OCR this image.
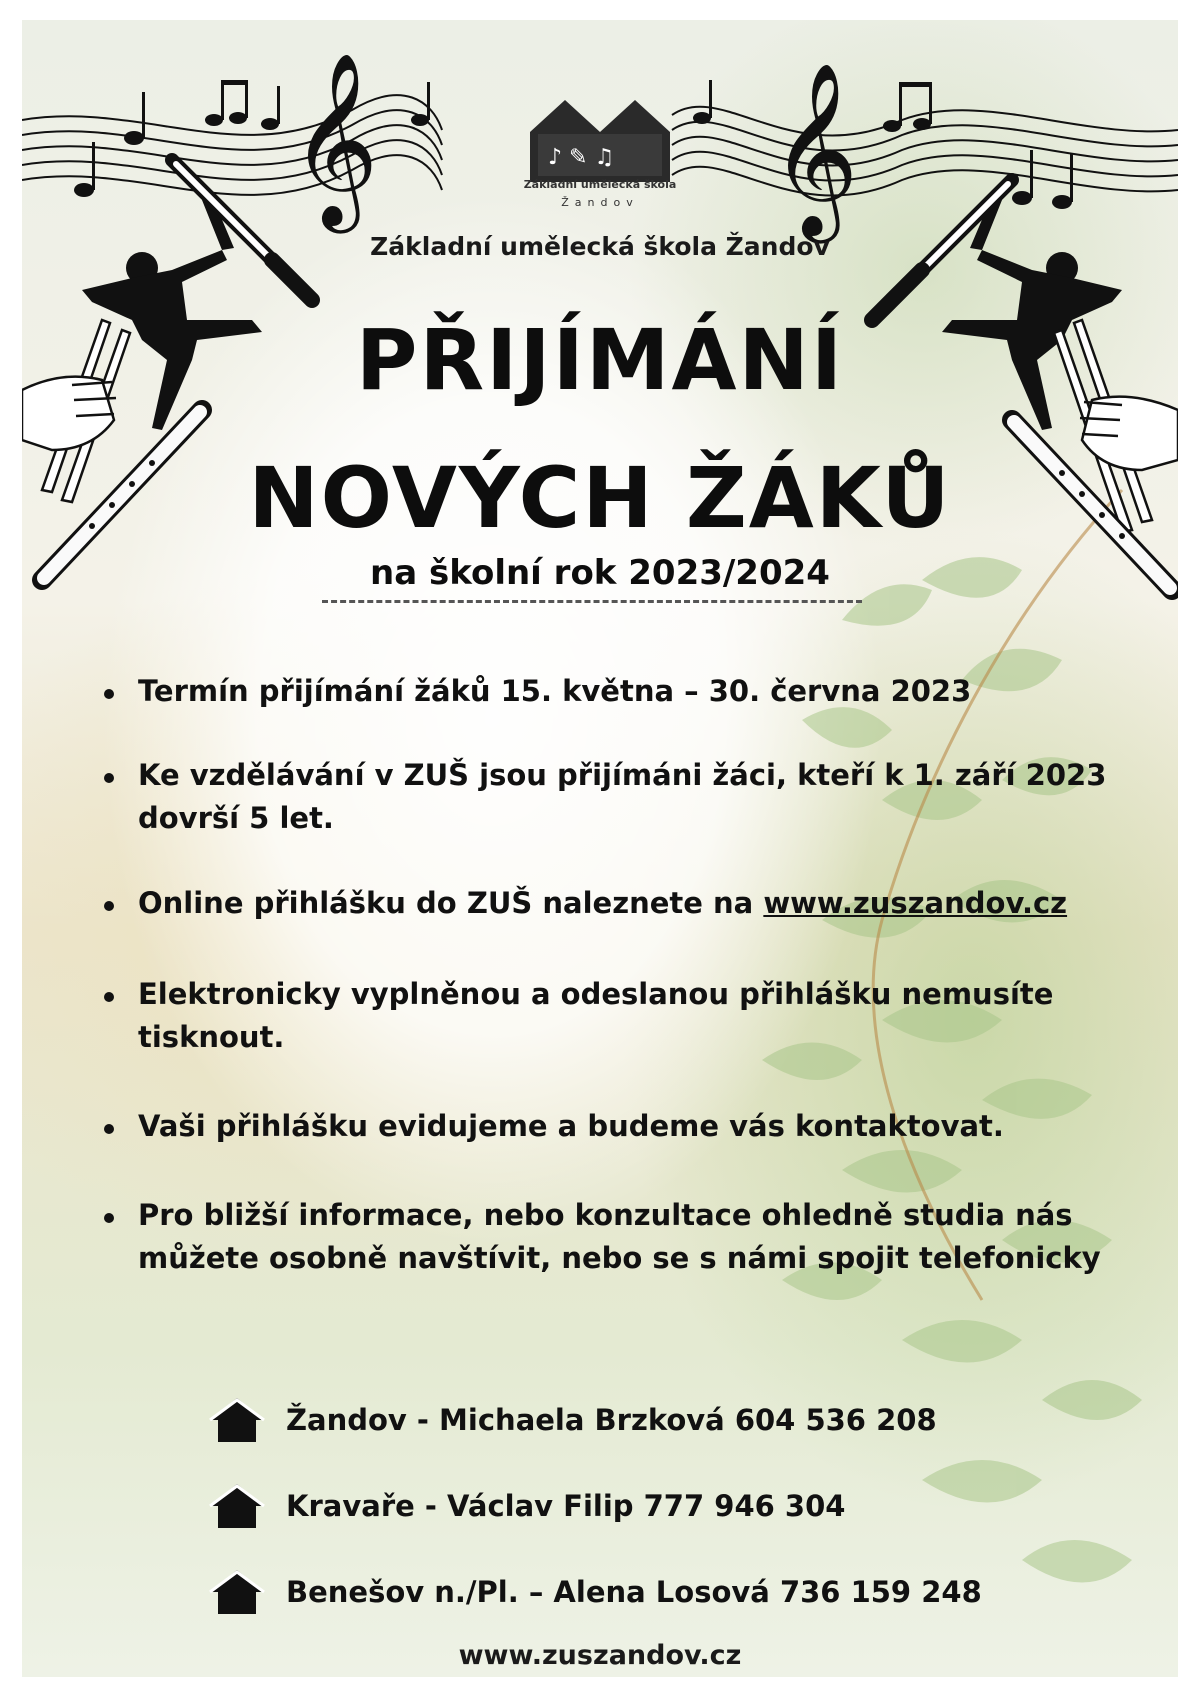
𝄞	𝄞
♪ ✎ ♫
Základní umělecká škola
Žandov
Základní umělecká škola Žandov
PŘIJÍMÁNÍ
NOVÝCH ŽÁKŮ
na školní rok 2023/2024
Termín přijímání žáků 15. května – 30. června 2023
Ke vzdělávání v ZUŠ jsou přijímáni žáci, kteří k 1. září 2023 dovrší 5 let.
Online přihlášku do ZUŠ naleznete na www.zuszandov.cz
Elektronicky vyplněnou a odeslanou přihlášku nemusíte tisknout.
Vaši přihlášku evidujeme a budeme vás kontaktovat.
Pro bližší informace, nebo konzultace ohledně studia nás můžete osobně navštívit, nebo se s námi spojit telefonicky
Žandov - Michaela Brzková 604 536 208
Kravaře - Václav Filip 777 946 304
Benešov n./Pl. – Alena Losová 736 159 248
www.zuszandov.cz
